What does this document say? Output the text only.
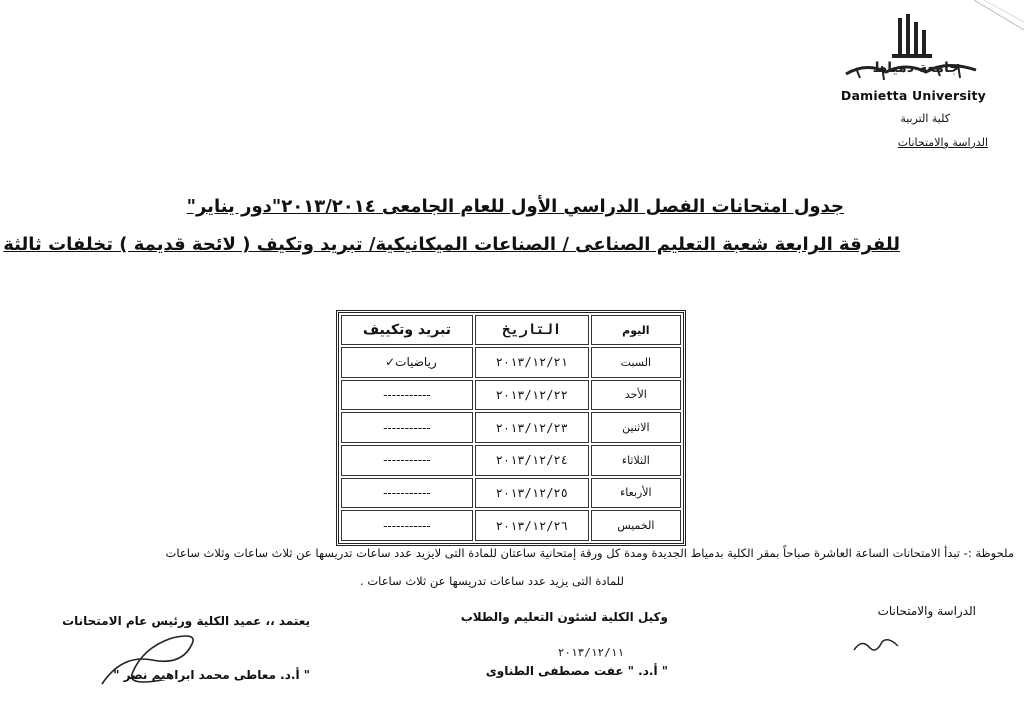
جامعة دمياط
Damietta University
كلية التربية
الدراسة والامتحانات
جدول امتحانات الفصل الدراسي الأول للعام الجامعى ٢٠١٣/٢٠١٤"دور يناير"
للفرقة الرابعة شعبة التعليم الصناعى / الصناعات الميكانيكية/ تبريد وتكيف ( لائحة قديمة ) تخلفات ثالثة
اليوم	التاريخ	تبريد وتكييف
السبت	٢٠١٣/١٢/٢١	رياضيات✓
الأحد	٢٠١٣/١٢/٢٢	-----------
الاثنين	٢٠١٣/١٢/٢٣	-----------
الثلاثاء	٢٠١٣/١٢/٢٤	-----------
الأربعاء	٢٠١٣/١٢/٢٥	-----------
الخميس	٢٠١٣/١٢/٢٦	-----------
ملحوظة :- تبدأ الامتحانات الساعة العاشرة صباحاً بمقر الكلية بدمياط الجديدة ومدة كل ورقة إمتحانية ساعتان للمادة التى لايزيد عدد ساعات تدريسها عن ثلاث ساعات وثلاث ساعات
للمادة التى يزيد عدد ساعات تدريسها عن ثلاث ساعات .
الدراسة والامتحانات
وكيل الكلية لشئون التعليم والطلاب
٢٠١٣/١٢/١١
" أ.د. " عفت مصطفى الطناوى
يعتمد ،، عميد الكلية ورئيس عام الامتحانات
" أ.د. معاطى محمد ابراهيم نصر "
